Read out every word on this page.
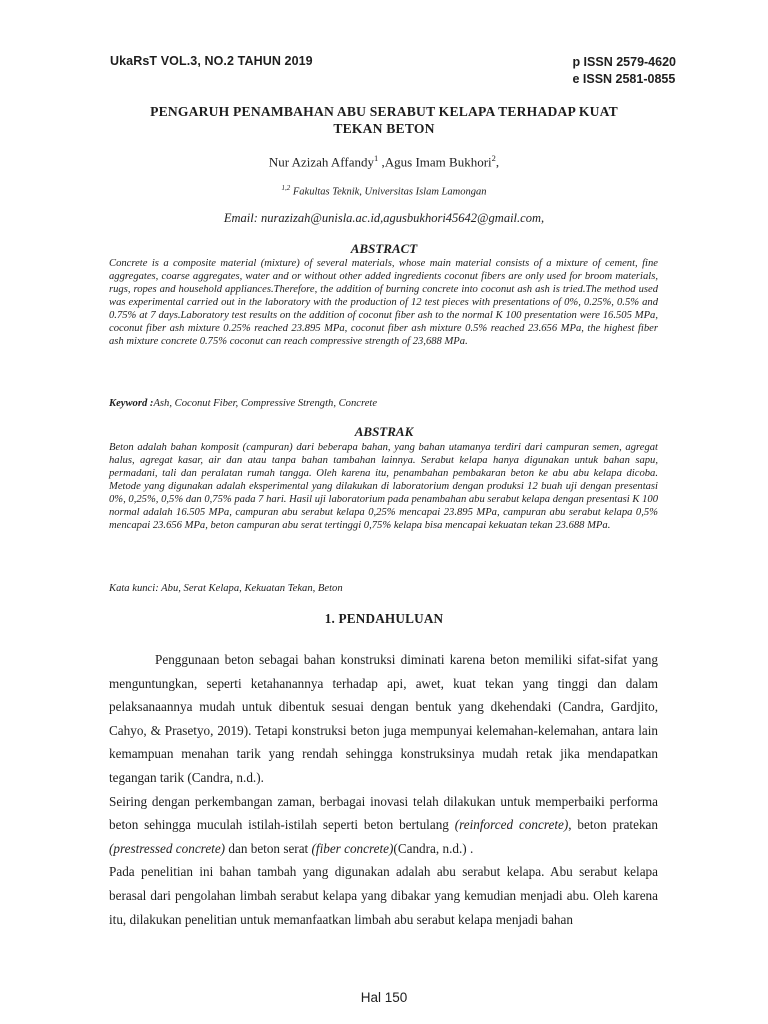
UkaRsT VOL.3, NO.2 TAHUN 2019	p ISSN 2579-4620
e ISSN 2581-0855
PENGARUH PENAMBAHAN ABU SERABUT KELAPA TERHADAP KUAT
TEKAN BETON
Nur Azizah Affandy$^1$ ,Agus Imam Bukhori$^2$,
$^{1,2}$ Fakultas Teknik, Universitas Islam Lamongan
Email: nurazizah@unisla.ac.id,agusbukhori45642@gmail.com,
ABSTRACT

Concrete is a composite material (mixture) of several materials, whose main material consists of a mixture of cement, fine aggregates, coarse aggregates, water and or without other added ingredients coconut fibers are only used for broom materials, rugs, ropes and household appliances.Therefore, the addition of burning concrete into coconut ash ash is tried.The method used was experimental carried out in the laboratory with the production of 12 test pieces with presentations of 0%, 0.25%, 0.5% and 0.75% at 7 days.Laboratory test results on the addition of coconut fiber ash to the normal K 100 presentation were 16.505 MPa, coconut fiber ash mixture 0.25% reached 23.895 MPa, coconut fiber ash mixture 0.5% reached 23.656 MPa, the highest fiber ash mixture concrete 0.75% coconut can reach compressive strength of 23,688 MPa.

Keyword :Ash, Coconut Fiber, Compressive Strength, Concrete

ABSTRAK

Beton adalah bahan komposit (campuran) dari beberapa bahan, yang bahan utamanya terdiri dari campuran semen, agregat halus, agregat kasar, air dan atau tanpa bahan tambahan lainnya. Serabut kelapa hanya digunakan untuk bahan sapu, permadani, tali dan peralatan rumah tangga. Oleh karena itu, penambahan pembakaran beton ke abu abu kelapa dicoba. Metode yang digunakan adalah eksperimental yang dilakukan di laboratorium dengan produksi 12 buah uji dengan presentasi 0%, 0,25%, 0,5% dan 0,75% pada 7 hari. Hasil uji laboratorium pada penambahan abu serabut kelapa dengan presentasi K 100 normal adalah 16.505 MPa, campuran abu serabut kelapa 0,25% mencapai 23.895 MPa, campuran abu serabut kelapa 0,5% mencapai 23.656 MPa, beton campuran abu serat tertinggi 0,75% kelapa bisa mencapai kekuatan tekan 23.688 MPa.

Kata kunci: Abu, Serat Kelapa, Kekuatan Tekan, Beton

1. PENDAHULUAN

Penggunaan beton sebagai bahan konstruksi diminati karena beton memiliki sifat-sifat yang menguntungkan, seperti ketahanannya terhadap api, awet, kuat tekan yang tinggi dan dalam pelaksanaannya mudah untuk dibentuk sesuai dengan bentuk yang dkehendaki (Candra, Gardjito, Cahyo, & Prasetyo, 2019). Tetapi konstruksi beton juga mempunyai kelemahan-kelemahan, antara lain kemampuan menahan tarik yang rendah sehingga konstruksinya mudah retak jika mendapatkan tegangan tarik (Candra, n.d.).

Seiring dengan perkembangan zaman, berbagai inovasi telah dilakukan untuk memperbaiki performa beton sehingga muculah istilah-istilah seperti beton bertulang (reinforced concrete), beton pratekan (prestressed concrete) dan beton serat (fiber concrete)(Candra, n.d.) .

Pada penelitian ini bahan tambah yang digunakan adalah abu serabut kelapa. Abu serabut kelapa berasal dari pengolahan limbah serabut kelapa yang dibakar yang kemudian menjadi abu. Oleh karena itu, dilakukan penelitian untuk memanfaatkan limbah abu serabut kelapa menjadi bahan

Hal 150
